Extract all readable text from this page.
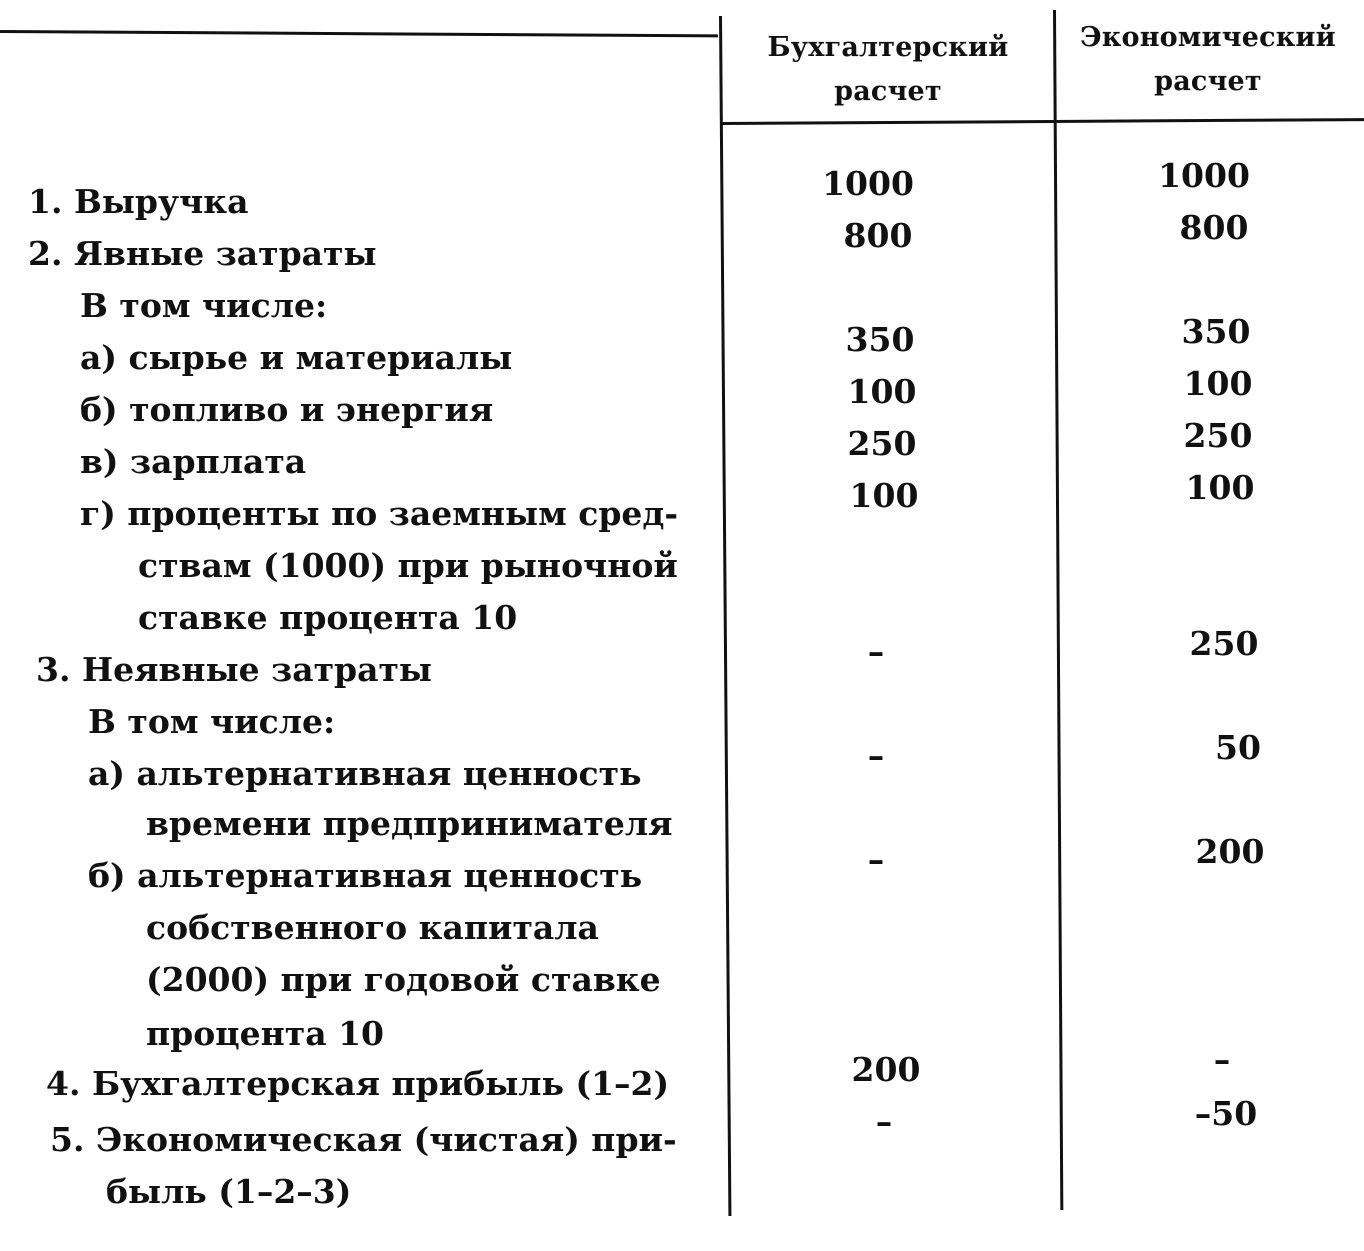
Бухгалтерский
расчет
Экономический
расчет
1. Выручка
2. Явные затраты
В том числе:
а) сырье и материалы
б) топливо и энергия
в) зарплата
г) проценты по заемным сред-
ствам (1000) при рыночной
ставке процента 10
3. Неявные затраты
В том числе:
а) альтернативная ценность
времени предпринимателя
б) альтернативная ценность
собственного капитала
(2000) при годовой ставке
процента 10
4. Бухгалтерская прибыль (1–2)
5. Экономическая (чистая) при-
быль (1–2–3)
1000
800
350
100
250
100
–
–
–
200
–
1000
800
350
100
250
100
250
50
200
–
–50
